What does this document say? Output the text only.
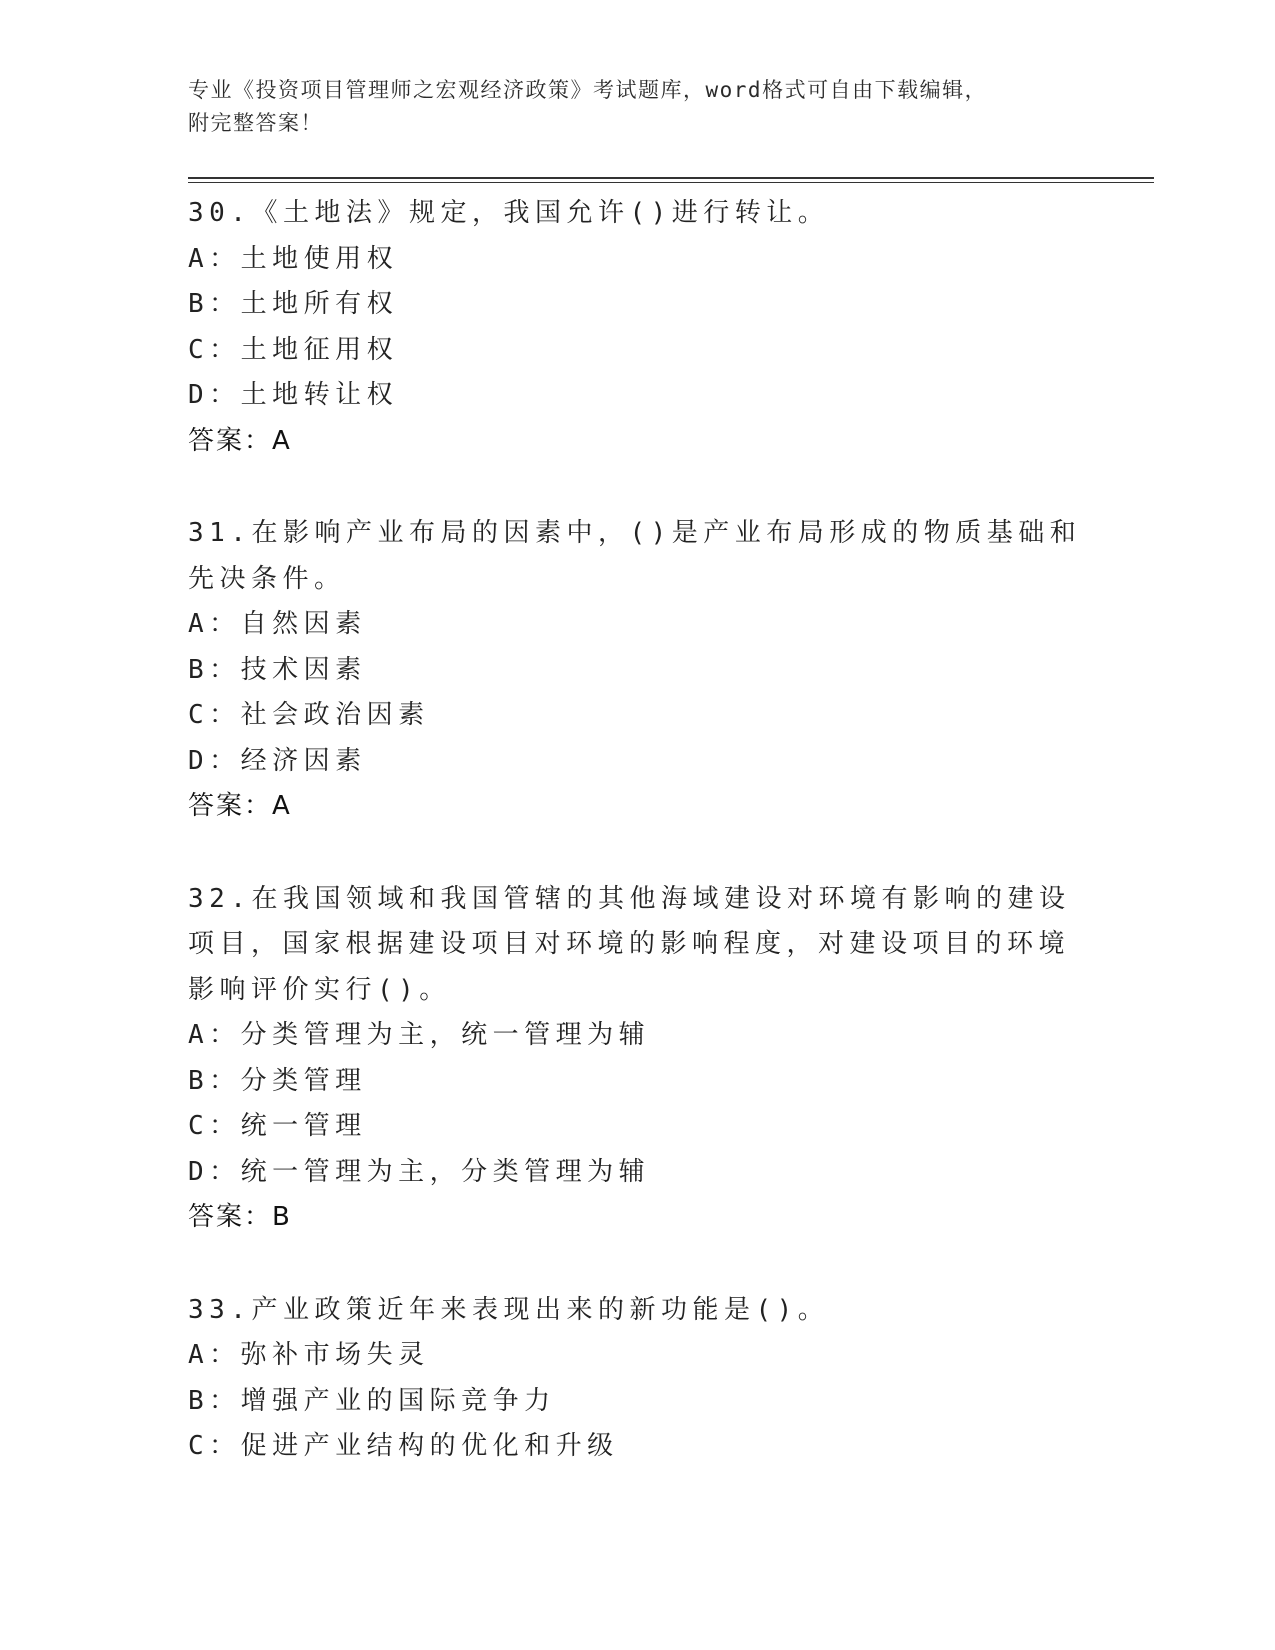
专业《投资项目管理师之宏观经济政策》考试题库，word格式可自由下载编辑，
附完整答案！

30.《土地法》规定，我国允许()进行转让。

A：土地使用权

B：土地所有权

C：土地征用权

D：土地转让权

答案：A

31.在影响产业布局的因素中，()是产业布局形成的物质基础和先决条件。

A：自然因素

B：技术因素

C：社会政治因素

D：经济因素

答案：A

32.在我国领域和我国管辖的其他海域建设对环境有影响的建设项目，国家根据建设项目对环境的影响程度，对建设项目的环境影响评价实行()。

A：分类管理为主，统一管理为辅

B：分类管理

C：统一管理

D：统一管理为主，分类管理为辅

答案：B

33.产业政策近年来表现出来的新功能是()。

A：弥补市场失灵

B：增强产业的国际竞争力

C：促进产业结构的优化和升级
